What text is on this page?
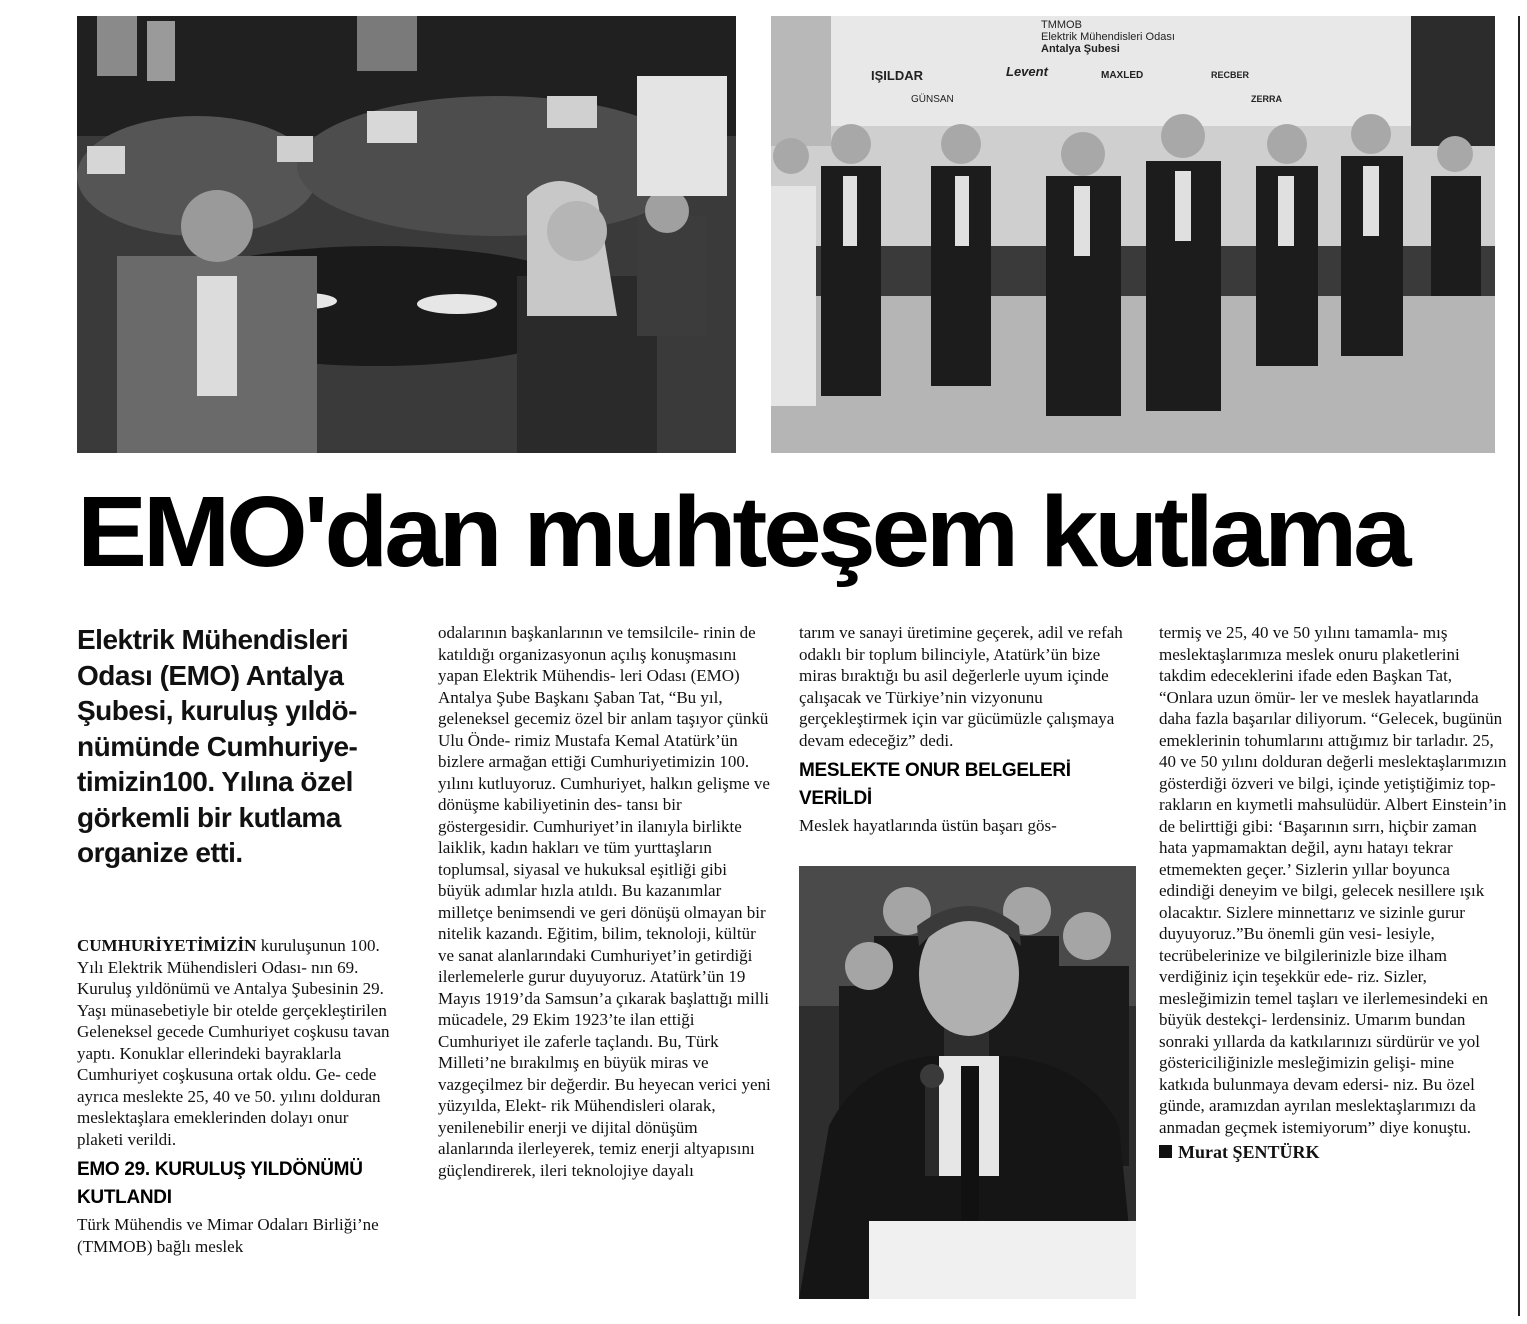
TMMOB
Elektrik Mühendisleri Odası
Antalya Şubesi
IŞILDAR	Levent	MAXLED	RECBER
GÜNSAN	ZERRA
EMO'dan muhteşem kutlama

Elektrik Mühendisleri Odası (EMO) Antalya Şubesi, kuruluş yıldö- nümünde Cumhuriye- timizin100. Yılına özel görkemli bir kutlama organize etti.

CUMHURİYETİMİZİN kuruluşunun 100. Yılı Elektrik Mühendisleri Odası- nın 69. Kuruluş yıldönümü ve Antalya Şubesinin 29. Yaşı münasebetiyle bir otelde gerçekleştirilen Geleneksel gecede Cumhuriyet coşkusu tavan yaptı. Konuklar ellerindeki bayraklarla Cumhuriyet coşkusuna ortak oldu. Ge- cede ayrıca meslekte 25, 40 ve 50. yılını dolduran meslektaşlara emeklerinden dolayı onur plaketi verildi.

EMO 29. KURULUŞ YILDÖNÜMÜ KUTLANDI

Türk Mühendis ve Mimar Odaları Birliği’ne (TMMOB) bağlı meslek

odalarının başkanlarının ve temsilcile- rinin de katıldığı organizasyonun açılış konuşmasını yapan Elektrik Mühendis- leri Odası (EMO) Antalya Şube Başkanı Şaban Tat, “Bu yıl, geleneksel gecemiz özel bir anlam taşıyor çünkü Ulu Önde- rimiz Mustafa Kemal Atatürk’ün bizlere armağan ettiği Cumhuriyetimizin 100. yılını kutluyoruz. Cumhuriyet, halkın gelişme ve dönüşme kabiliyetinin des- tansı bir göstergesidir. Cumhuriyet’in ilanıyla birlikte laiklik, kadın hakları ve tüm yurttaşların toplumsal, siyasal ve hukuksal eşitliği gibi büyük adımlar hızla atıldı. Bu kazanımlar milletçe benimsendi ve geri dönüşü olmayan bir nitelik kazandı. Eğitim, bilim, teknoloji, kültür ve sanat alanlarındaki Cumhuriyet’in getirdiği ilerlemelerle gurur duyuyoruz. Atatürk’ün 19 Mayıs 1919’da Samsun’a çıkarak başlattığı milli mücadele, 29 Ekim 1923’te ilan ettiği Cumhuriyet ile zaferle taçlandı. Bu, Türk Milleti’ne bırakılmış en büyük miras ve vazgeçilmez bir değerdir. Bu heyecan verici yeni yüzyılda, Elekt- rik Mühendisleri olarak, yenilenebilir enerji ve dijital dönüşüm alanlarında ilerleyerek, temiz enerji altyapısını güçlendirerek, ileri teknolojiye dayalı

tarım ve sanayi üretimine geçerek, adil ve refah odaklı bir toplum bilinciyle, Atatürk’ün bize miras bıraktığı bu asil değerlerle uyum içinde çalışacak ve Türkiye’nin vizyonunu gerçekleştirmek için var gücümüzle çalışmaya devam edeceğiz” dedi.

MESLEKTE ONUR BELGELERİ VERİLDİ

Meslek hayatlarında üstün başarı gös-

termiş ve 25, 40 ve 50 yılını tamamla- mış meslektaşlarımıza meslek onuru plaketlerini takdim edeceklerini ifade eden Başkan Tat, “Onlara uzun ömür- ler ve meslek hayatlarında daha fazla başarılar diliyorum. “Gelecek, bugünün emeklerinin tohumlarını attığımız bir tarladır. 25, 40 ve 50 yılını dolduran değerli meslektaşlarımızın gösterdiği özveri ve bilgi, içinde yetiştiğimiz top- rakların en kıymetli mahsulüdür. Albert Einstein’in de belirttiği gibi: ‘Başarının sırrı, hiçbir zaman hata yapmamaktan değil, aynı hatayı tekrar etmemekten geçer.’ Sizlerin yıllar boyunca edindiği deneyim ve bilgi, gelecek nesillere ışık olacaktır. Sizlere minnettarız ve sizinle gurur duyuyoruz.”Bu önemli gün vesi- lesiyle, tecrübelerinize ve bilgilerinizle bize ilham verdiğiniz için teşekkür ede- riz. Sizler, mesleğimizin temel taşları ve ilerlemesindeki en büyük destekçi- lerdensiniz. Umarım bundan sonraki yıllarda da katkılarınızı sürdürür ve yol göstericiliğinizle mesleğimizin gelişi- mine katkıda bulunmaya devam edersi- niz. Bu özel günde, aramızdan ayrılan meslektaşlarımızı da anmadan geçmek istemiyorum” diye konuştu.

Murat ŞENTÜRK
